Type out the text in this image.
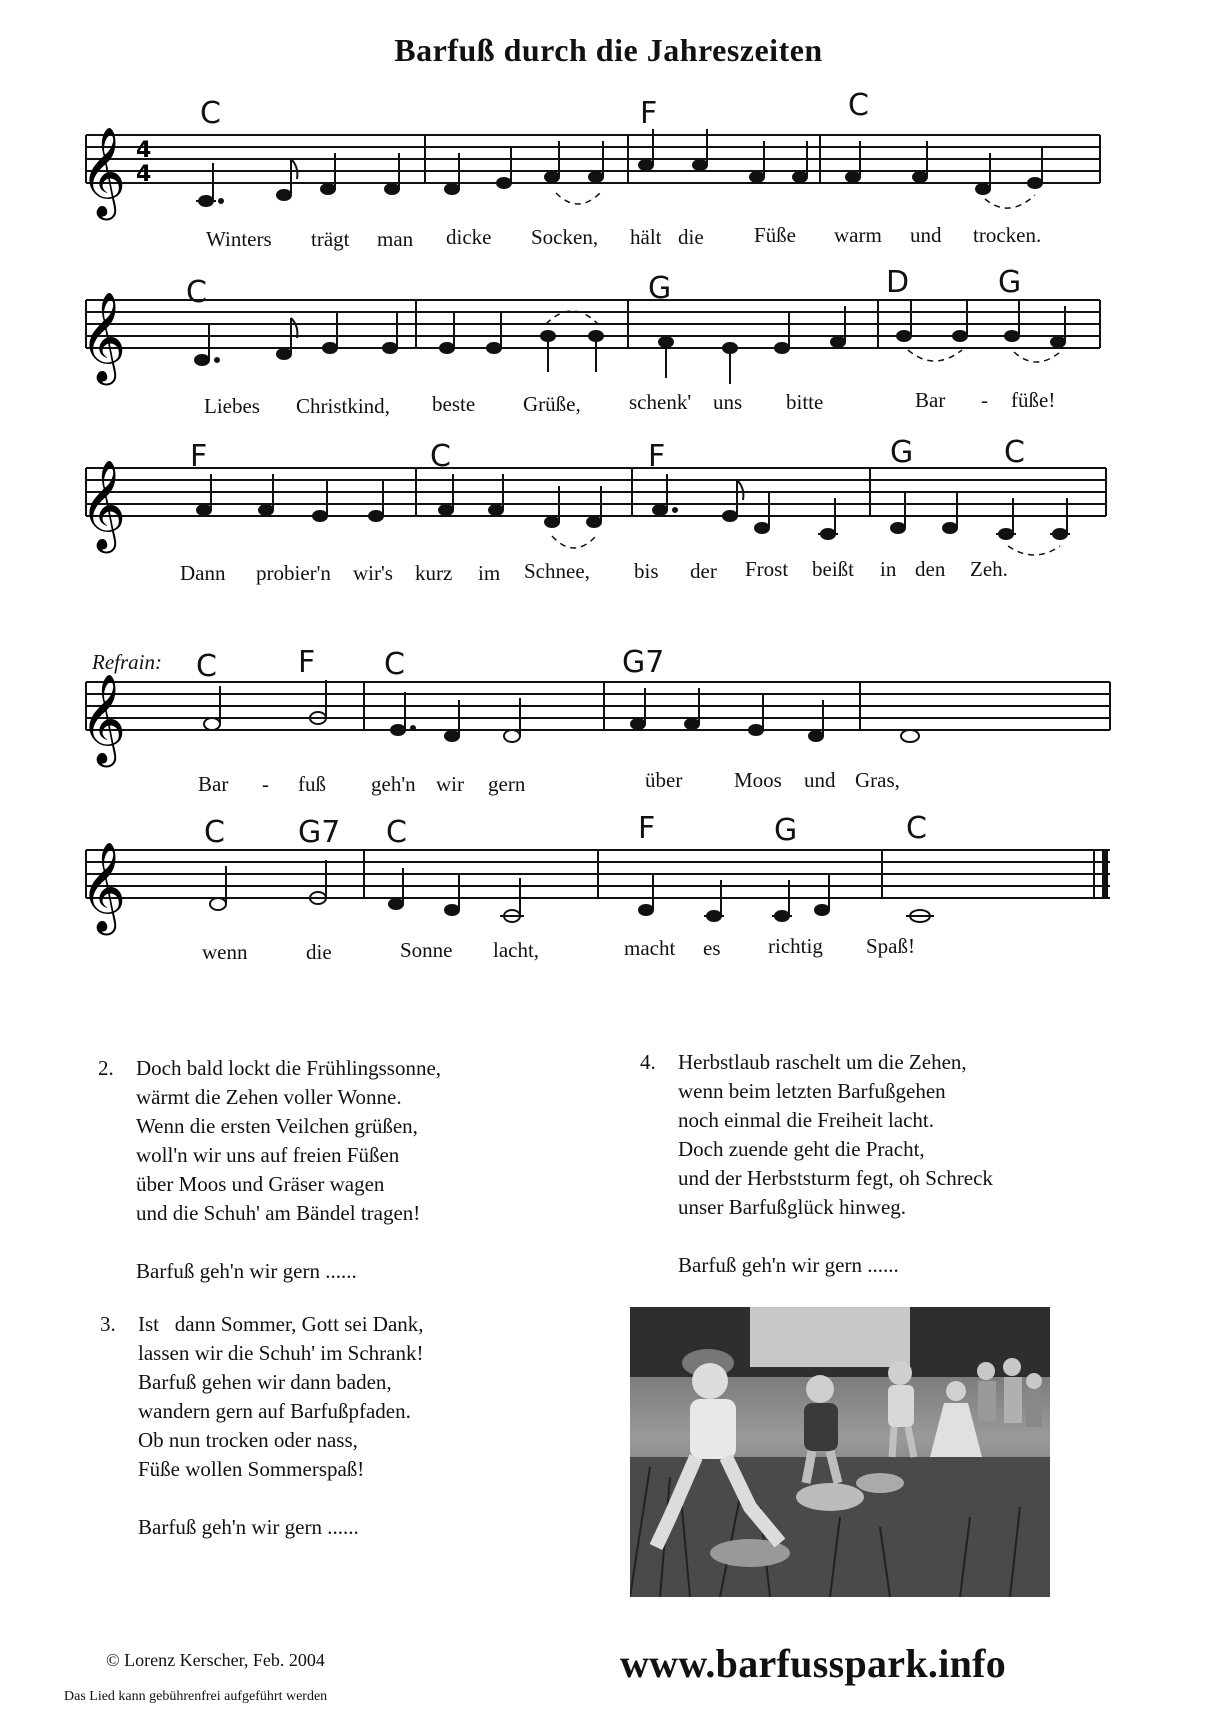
Barfuß durch die Jahreszeiten
𝄞 4
4
C	F	C
Winters trägt man dicke Socken, hält die Füße warm und trocken.
𝄞 C	G	D	G
Liebes Christkind, beste Grüße, schenk' uns bitte	Bar - füße!
𝄞
F	C	F	G	C
Dann probier'n wir's kurz im Schnee, bis der Frost beißt in den Zeh.
Refrain:
𝄞
C	F C	G7
Bar - fuß geh'n wir gern	über Moos und Gras,
𝄞
C G7 C	F	G	C
wenn	die	Sonne lacht,	macht es richtig Spaß!
2. Doch bald lockt die Frühlingssonne,
wärmt die Zehen voller Wonne.
Wenn die ersten Veilchen grüßen,
woll'n wir uns auf freien Füßen
über Moos und Gräser wagen
und die Schuh' am Bändel tragen!
Barfuß geh'n wir gern ......
3. Ist   dann Sommer, Gott sei Dank,
lassen wir die Schuh' im Schrank!
Barfuß gehen wir dann baden,
wandern gern auf Barfußpfaden.
Ob nun trocken oder nass,
Füße wollen Sommerspaß!
Barfuß geh'n wir gern ......
4. Herbstlaub raschelt um die Zehen,
wenn beim letzten Barfußgehen
noch einmal die Freiheit lacht.
Doch zuende geht die Pracht,
und der Herbststurm fegt, oh Schreck
unser Barfußglück hinweg.
Barfuß geh'n wir gern ......
© Lorenz Kerscher, Feb. 2004
Das Lied kann gebührenfrei aufgeführt werden
www.barfusspark.info
